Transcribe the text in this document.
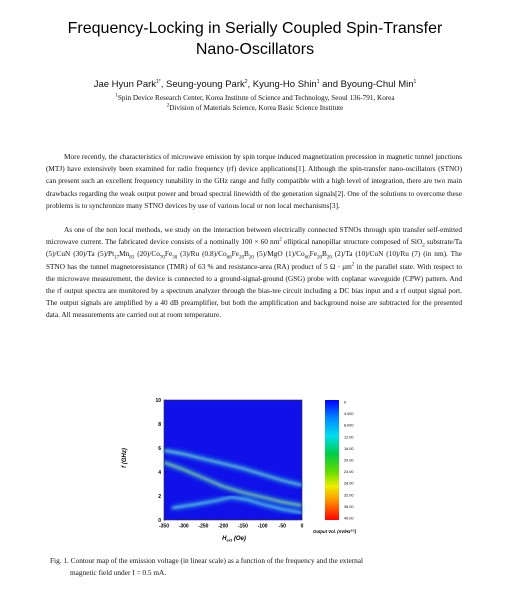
Frequency-Locking in Serially Coupled Spin-Transfer
Nano-Oscillators
Jae Hyun Park$^{1*}$, Seung-young Park$^2$, Kyung-Ho Shin$^1$ and Byoung-Chul Min$^1$
$^1$Spin Device Research Center, Korea Institute of Science and Technology, Seoul 136-791, Korea
$^2$Division of Materials Science, Korea Basic Science Institute

More recently, the characteristics of microwave emission by spin torque induced magnetization precession in magnetic tunnel junctions (MTJ) have extensively been examined for radio frequency (rf) device applications[1]. Although the spin-transfer nano-oscillators (STNO) can present such an excellent frequency tunability in the GHz range and fully compatible with a high level of integration, there are two main drawbacks regarding the weak output power and broad spectral linewidth of the generation signals[2]. One of the solutions to overcome these problems is to synchronize many STNO devices by use of various local or non local mechanisms[3].

As one of the non local methods, we study on the interaction between electrically connected STNOs through spin transfer self-emitted microwave current. The fabricated device consists of a nominally 100 × 60 $nm^2$ elliptical nanopillar structure composed of SiO$_2$ substrate/Ta (5)/CuN (30)/Ta $(5)/Pt_{17}Mn_{83}$ $(20)/Co_{70}Fe_{30}$ (3)/Ru $(0.8)/Co_{60}Fe_{20}B_{20}$ (5)/MgO $(1)/Co_{60}Fe_{20}B_{20}$ (2)/Ta (10)/CuN (10)/Ru (7) (in nm). The STNO has the tunnel magnetoresistance (TMR) of 63 % and resistance-area (RA) product of 5 $\Omega \cdot \mu m^2$ in the parallel state. With respect to the microwave measurement, the device is connected to a ground-signal-ground (GSG) probe with coplanar waveguide (CPW) pattern. And the rf output spectra are monitored by a spectrum analyzer through the bias-tee circuit including a DC bias input and a rf output signal port. The output signals are amplified by a 40 dB preamplifier, but both the amplification and background noise are subtracted for the presented data. All measurements are carried out at room temperature.

f (GHz)
-350 -300 -250 -200 -150 -100 -50	0
0
2
4
6
8
10
$H_{ext}$ (Oe)
0
4.000
8.000
12.00
16.00
20.00
24.00
28.00
32.00
36.00
40.00
Output Vol. $(nV/Hz^{1/2})$
Fig. 1. Contour map of the emission voltage (in linear scale) as a function of the frequency and the external
magnetic field under I = 0.5 mA.
